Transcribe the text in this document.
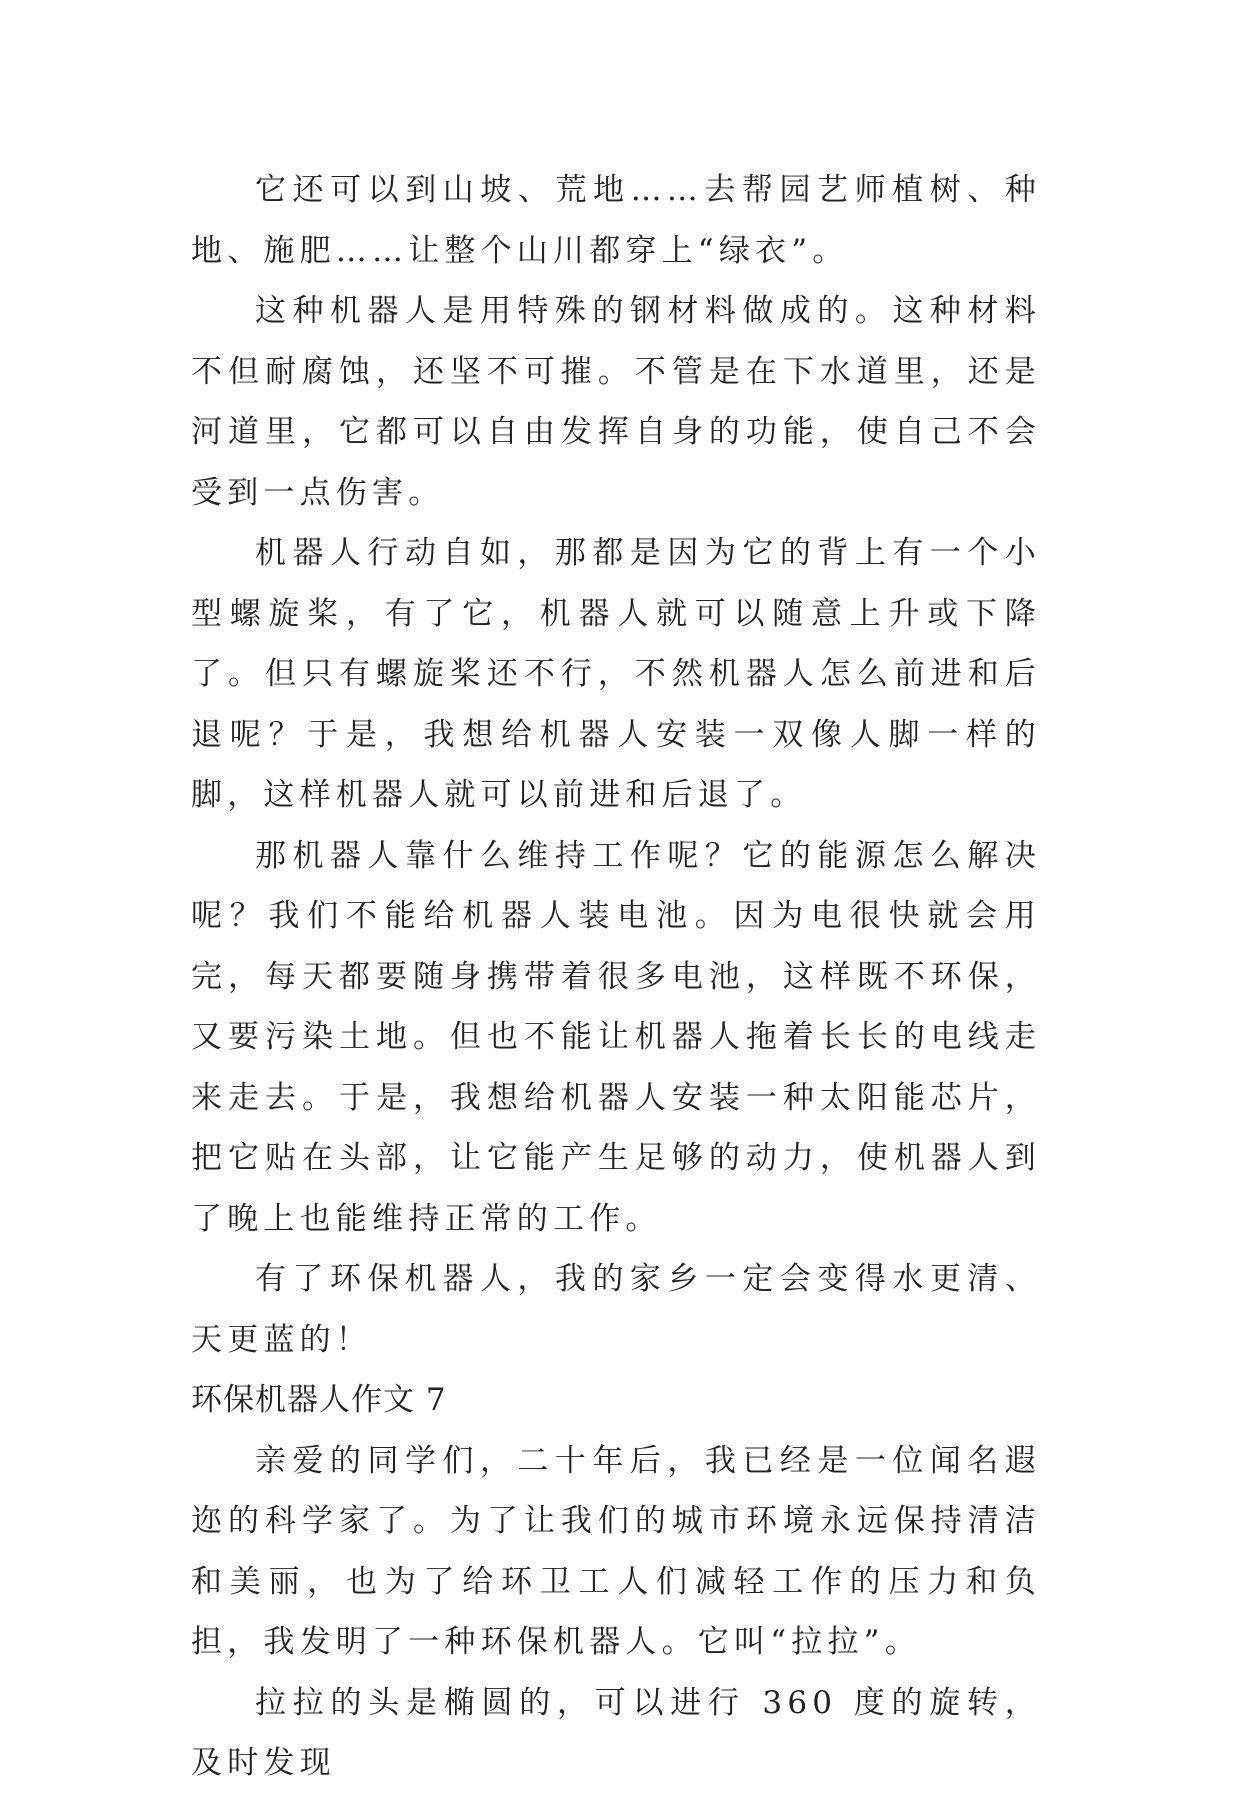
它还可以到山坡、荒地……去帮园艺师植树、种地、施肥……让整个山川都穿上“绿衣”。

这种机器人是用特殊的钢材料做成的。这种材料不但耐腐蚀，还坚不可摧。不管是在下水道里，还是河道里，它都可以自由发挥自身的功能，使自己不会受到一点伤害。

机器人行动自如，那都是因为它的背上有一个小型螺旋桨，有了它，机器人就可以随意上升或下降了。但只有螺旋桨还不行，不然机器人怎么前进和后退呢？于是，我想给机器人安装一双像人脚一样的脚，这样机器人就可以前进和后退了。

那机器人靠什么维持工作呢？它的能源怎么解决呢？我们不能给机器人装电池。因为电很快就会用完，每天都要随身携带着很多电池，这样既不环保，又要污染土地。但也不能让机器人拖着长长的电线走来走去。于是，我想给机器人安装一种太阳能芯片，把它贴在头部，让它能产生足够的动力，使机器人到了晚上也能维持正常的工作。

有了环保机器人，我的家乡一定会变得水更清、天更蓝的！

环保机器人作文 7

亲爱的同学们，二十年后，我已经是一位闻名遐迩的科学家了。为了让我们的城市环境永远保持清洁和美丽，也为了给环卫工人们减轻工作的压力和负担，我发明了一种环保机器人。它叫“拉拉”。

拉拉的头是椭圆的，可以进行 360 度的旋转，及时发现
